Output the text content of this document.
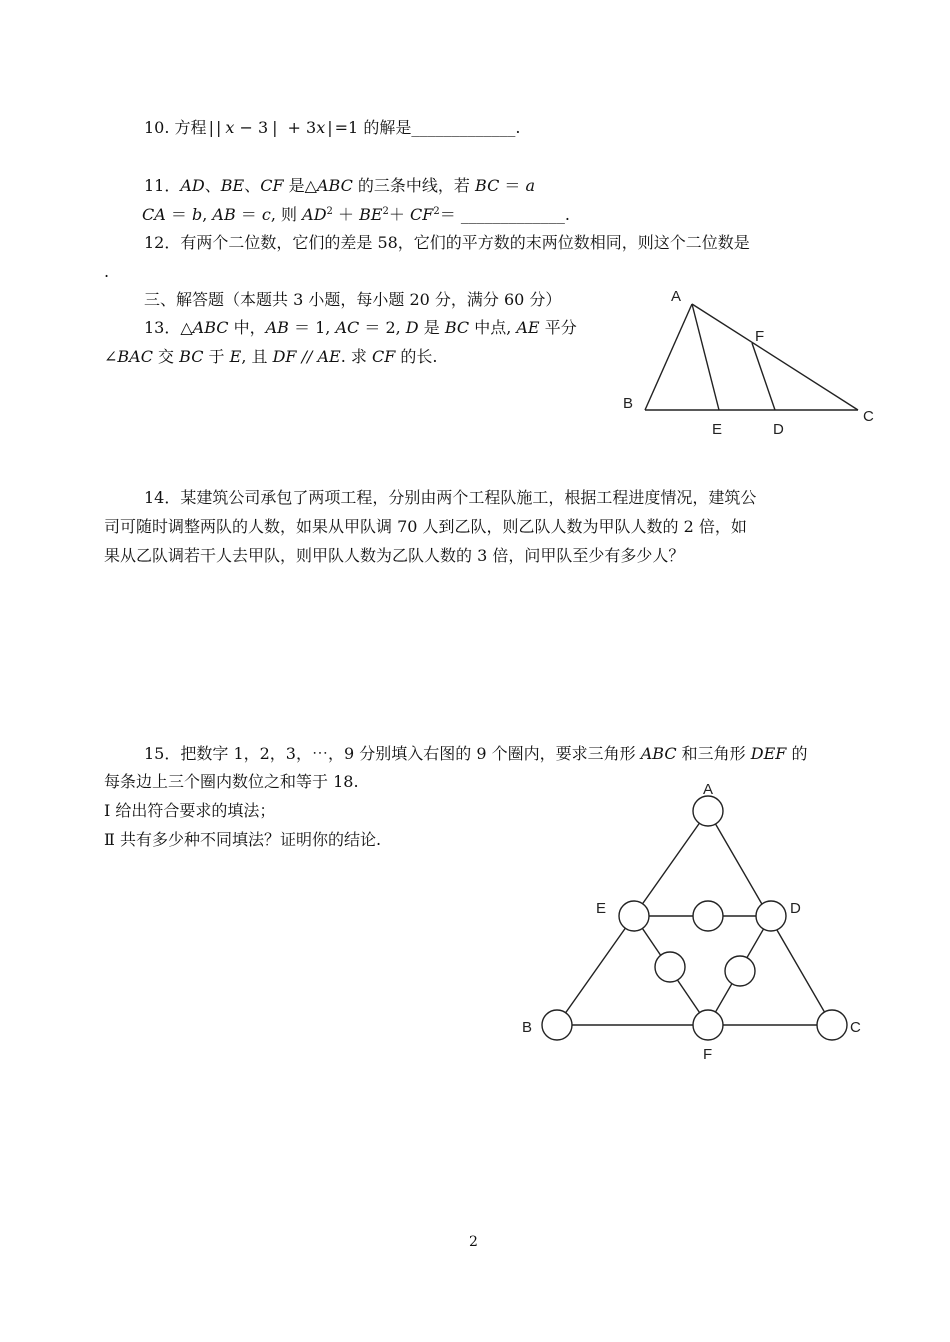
10. 方程 | | x − 3 | + 3x | =1 的解是_____________.
11．AD、BE、CF 是△ABC 的三条中线，若 BC ＝ a
CA ＝ b, AB ＝ c, 则 $AD^2 + BE^2+ CF^2=$ _____________.
12．有两个二位数，它们的差是 58，它们的平方数的末两位数相同，则这个二位数是
.
三、解答题（本题共 3 小题，每小题 20 分，满分 60 分）
13．△ABC 中，AB ＝ 1, AC ＝ 2, D 是 BC 中点, AE 平分
∠BAC 交 BC 于 E, 且 DF // AE. 求 CF 的长.
A
B
C
D
E
F
14．某建筑公司承包了两项工程，分别由两个工程队施工，根据工程进度情况，建筑公
司可随时调整两队的人数，如果从甲队调 70 人到乙队，则乙队人数为甲队人数的 2 倍，如
果从乙队调若干人去甲队，则甲队人数为乙队人数的 3 倍，问甲队至少有多少人？
15．把数字 1，2，3，⋯，9 分别填入右图的 9 个圈内，要求三角形 ABC 和三角形 DEF 的
每条边上三个圈内数位之和等于 18.
Ⅰ 给出符合要求的填法；
Ⅱ 共有多少种不同填法？证明你的结论.
A
E	D
B	C
F
2
